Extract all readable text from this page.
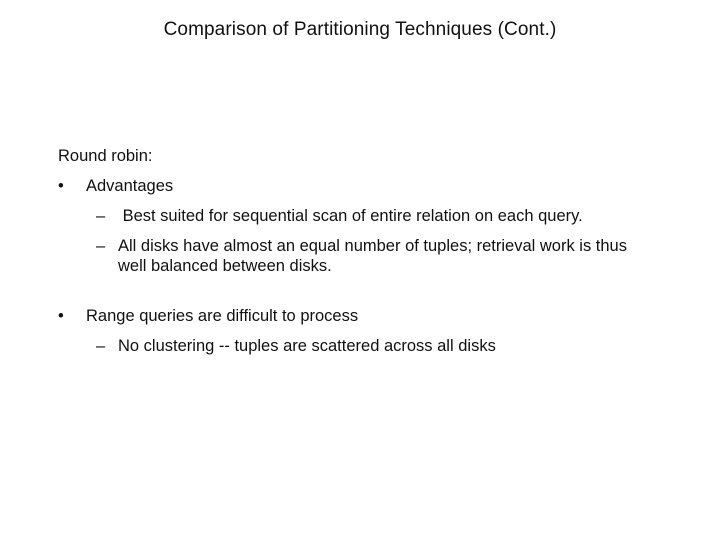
Comparison of Partitioning Techniques (Cont.)
Round robin:
•	Advantages
– Best suited for sequential scan of entire relation on each query.
– All disks have almost an equal number of tuples; retrieval work is thus well balanced between disks.
•	Range queries are difficult to process
– No clustering -- tuples are scattered across all disks
